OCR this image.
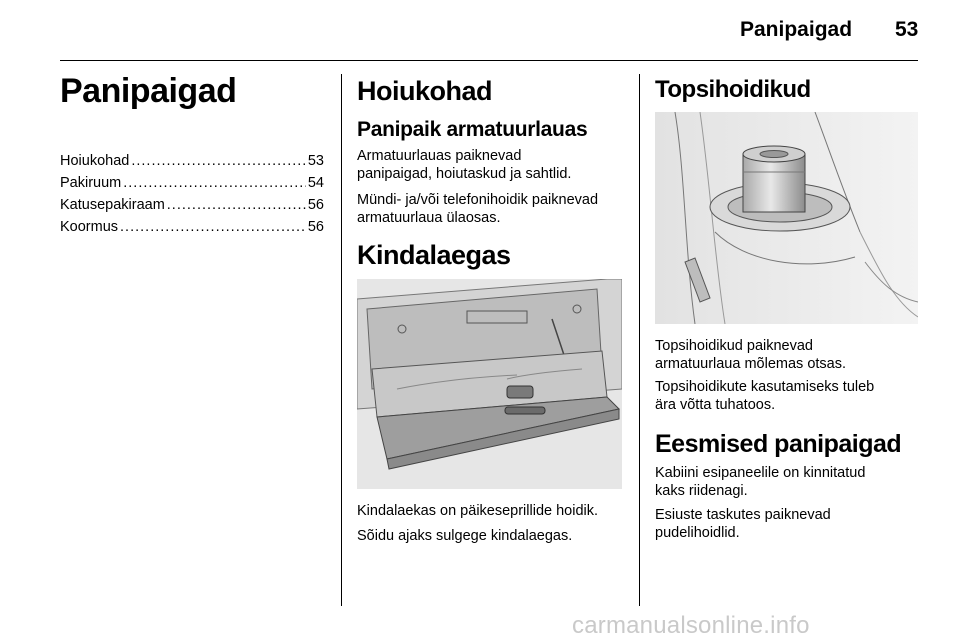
Panipaigad 53
Panipaigad
Hoiukohad .....	53
Pakiruum .....	54
Katusepakiraam .....	56
Koormus .....	56
Hoiukohad
Panipaik armatuurlauas

Armatuurlauas paiknevad
panipaigad, hoiutaskud ja sahtlid.

Mündi- ja/või telefonihoidik paiknevad
armatuurlaua ülaosas.

Kindalaegas

Kindalaekas on päikeseprillide hoidik.

Sõidu ajaks sulgege kindalaegas.

Topsihoidikud

Topsihoidikud paiknevad
armatuurlaua mõlemas otsas.

Topsihoidikute kasutamiseks tuleb
ära võtta tuhatoos.

Eesmised panipaigad

Kabiini esipaneelile on kinnitatud
kaks riidenagi.

Esiuste taskutes paiknevad
pudelihoidlid.

carmanualsonline.info
